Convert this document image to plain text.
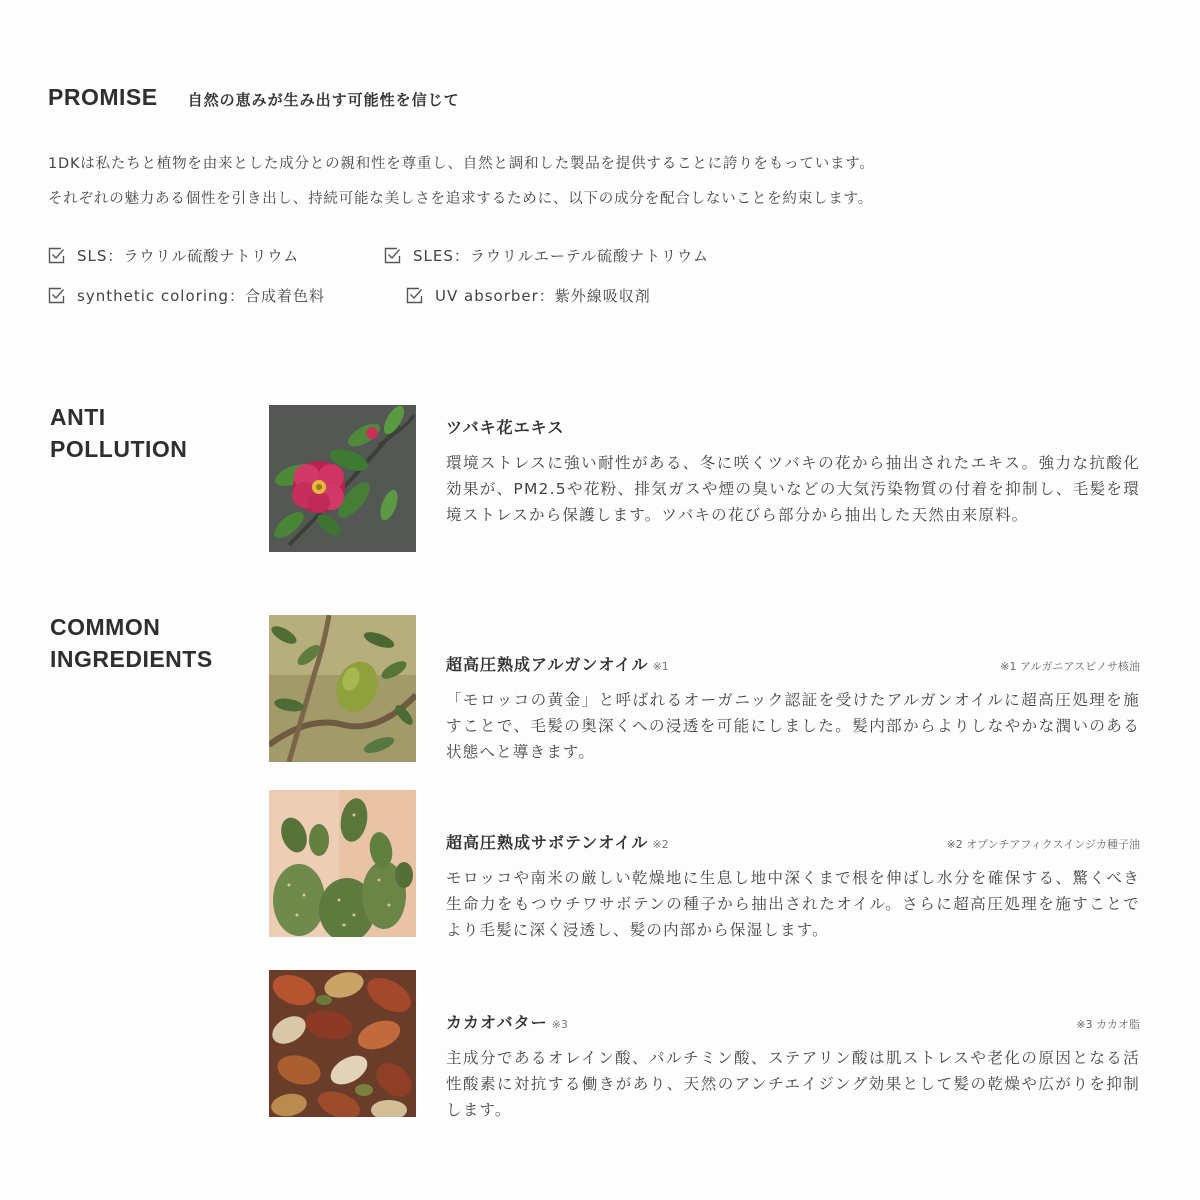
PROMISE 自然の恵みが生み出す可能性を信じて

1DKは私たちと植物を由来とした成分との親和性を尊重し、自然と調和した製品を提供することに誇りをもっています。

それぞれの魅力ある個性を引き出し、持続可能な美しさを追求するために、以下の成分を配合しないことを約束します。

SLS：ラウリル硫酸ナトリウム	SLES：ラウリルエーテル硫酸ナトリウム
synthetic coloring：合成着色料	UV absorber：紫外線吸収剤
ANTI
POLLUTION
ツバキ花エキス
環境ストレスに強い耐性がある、冬に咲くツバキの花から抽出されたエキス。強力な抗酸化効果が、PM2.5や花粉、排気ガスや煙の臭いなどの大気汚染物質の付着を抑制し、毛髪を環境ストレスから保護します。ツバキの花びら部分から抽出した天然由来原料。
COMMON
INGREDIENTS	超高圧熟成アルガンオイル ※1	※1 アルガニアスピノサ核油
「モロッコの黄金」と呼ばれるオーガニック認証を受けたアルガンオイルに超高圧処理を施すことで、毛髪の奥深くへの浸透を可能にしました。髪内部からよりしなやかな潤いのある状態へと導きます。
超高圧熟成サボテンオイル ※2	※2 オプンチアフィクスインジカ種子油
モロッコや南米の厳しい乾燥地に生息し地中深くまで根を伸ばし水分を確保する、驚くべき生命力をもつウチワサボテンの種子から抽出されたオイル。さらに超高圧処理を施すことでより毛髪に深く浸透し、髪の内部から保湿します。
カカオバター ※3	※3 カカオ脂
主成分であるオレイン酸、パルチミン酸、ステアリン酸は肌ストレスや老化の原因となる活性酸素に対抗する働きがあり、天然のアンチエイジング効果として髪の乾燥や広がりを抑制します。
